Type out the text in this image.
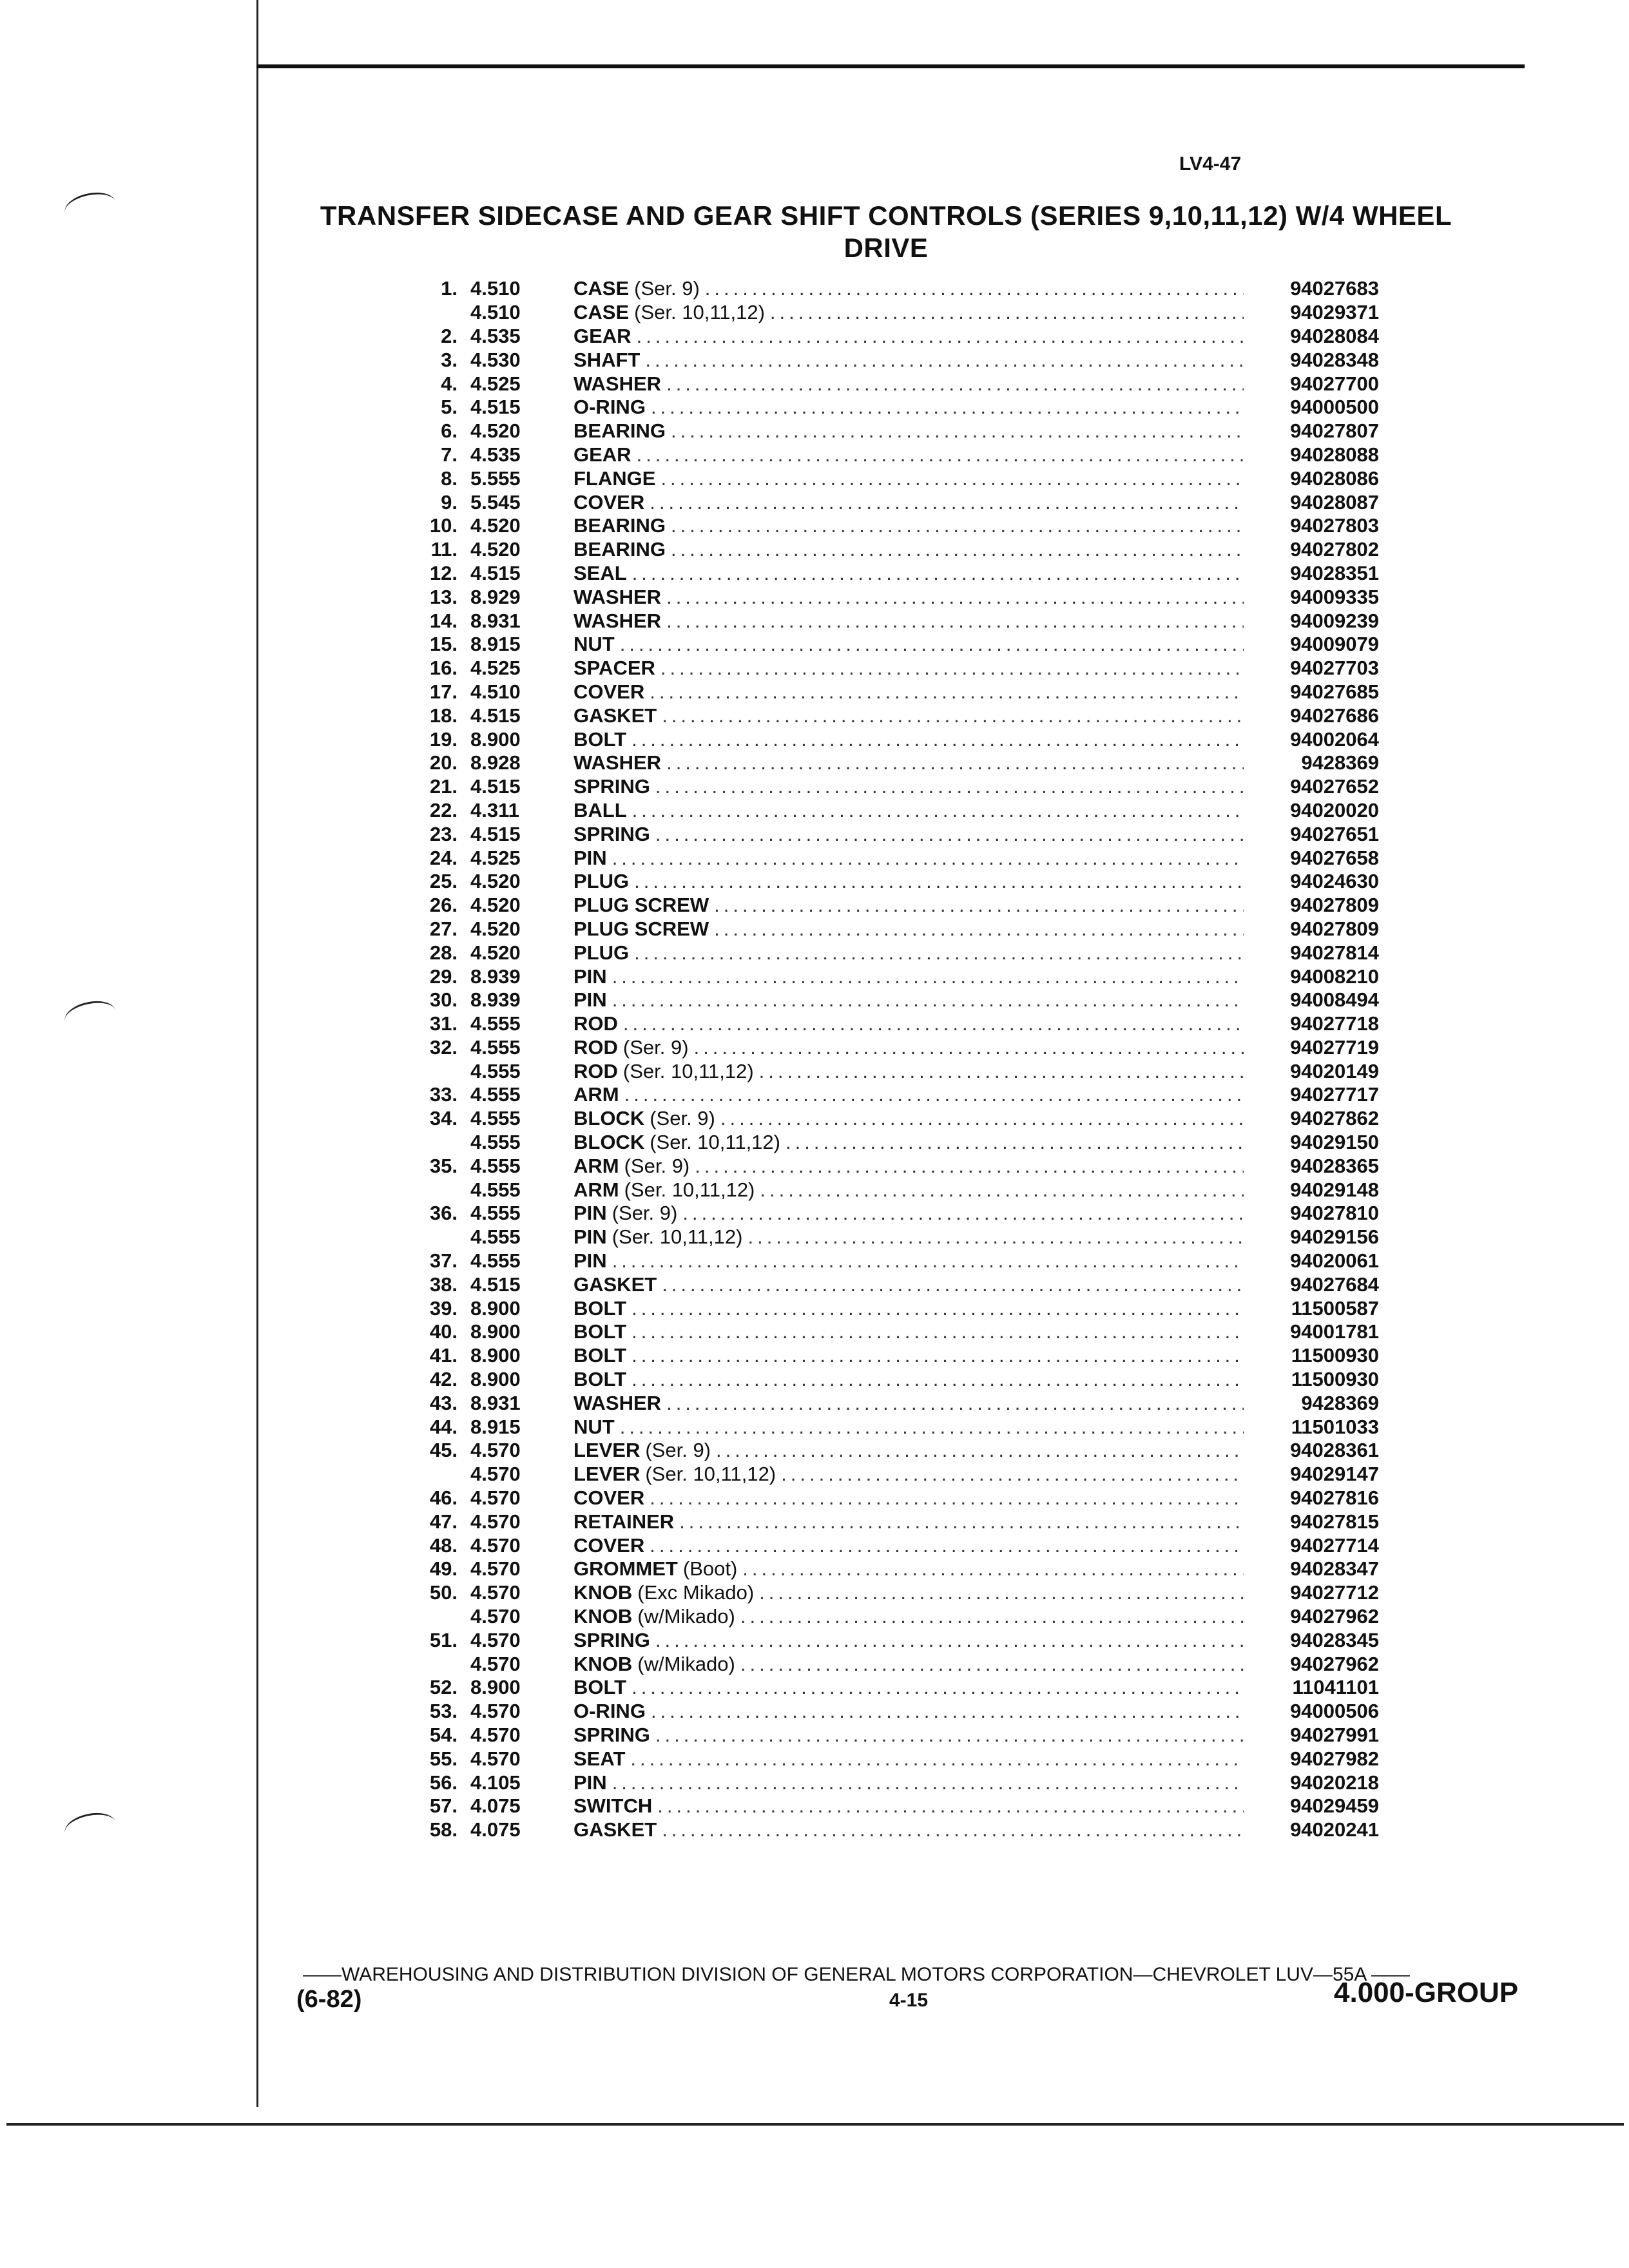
LV4-47
TRANSFER SIDECASE AND GEAR SHIFT CONTROLS (SERIES 9,10,11,12) W/4 WHEEL
DRIVE
1. 4.510	CASE (Ser. 9) .....	94027683
4.510	CASE (Ser. 10,11,12) .....	94029371
2. 4.535	GEAR .....	94028084
3. 4.530	SHAFT .....	94028348
4. 4.525	WASHER .....	94027700
5. 4.515	O-RING .....	94000500
6. 4.520	BEARING .....	94027807
7. 4.535	GEAR .....	94028088
8. 5.555	FLANGE .....	94028086
9. 5.545	COVER .....	94028087
10. 4.520	BEARING .....	94027803
11. 4.520	BEARING .....	94027802
12. 4.515	SEAL .....	94028351
13. 8.929	WASHER .....	94009335
14. 8.931	WASHER .....	94009239
15. 8.915	NUT .....	94009079
16. 4.525	SPACER .....	94027703
17. 4.510	COVER .....	94027685
18. 4.515	GASKET .....	94027686
19. 8.900	BOLT .....	94002064
20. 8.928	WASHER .....	9428369
21. 4.515	SPRING .....	94027652
22. 4.311	BALL .....	94020020
23. 4.515	SPRING .....	94027651
24. 4.525	PIN .....	94027658
25. 4.520	PLUG .....	94024630
26. 4.520	PLUG SCREW .....	94027809
27. 4.520	PLUG SCREW .....	94027809
28. 4.520	PLUG .....	94027814
29. 8.939	PIN .....	94008210
30. 8.939	PIN .....	94008494
31. 4.555	ROD .....	94027718
32. 4.555	ROD (Ser. 9) .....	94027719
4.555	ROD (Ser. 10,11,12) .....	94020149
33. 4.555	ARM .....	94027717
34. 4.555	BLOCK (Ser. 9) .....	94027862
4.555	BLOCK (Ser. 10,11,12) .....	94029150
35. 4.555	ARM (Ser. 9) .....	94028365
4.555	ARM (Ser. 10,11,12) .....	94029148
36. 4.555	PIN (Ser. 9) .....	94027810
4.555	PIN (Ser. 10,11,12) .....	94029156
37. 4.555	PIN .....	94020061
38. 4.515	GASKET .....	94027684
39. 8.900	BOLT .....	11500587
40. 8.900	BOLT .....	94001781
41. 8.900	BOLT .....	11500930
42. 8.900	BOLT .....	11500930
43. 8.931	WASHER .....	9428369
44. 8.915	NUT .....	11501033
45. 4.570	LEVER (Ser. 9) .....	94028361
4.570	LEVER (Ser. 10,11,12) .....	94029147
46. 4.570	COVER .....	94027816
47. 4.570	RETAINER .....	94027815
48. 4.570	COVER .....	94027714
49. 4.570	GROMMET (Boot) .....	94028347
50. 4.570	KNOB (Exc Mikado) .....	94027712
4.570	KNOB (w/Mikado) .....	94027962
51. 4.570	SPRING .....	94028345
4.570	KNOB (w/Mikado) .....	94027962
52. 8.900	BOLT .....	11041101
53. 4.570	O-RING .....	94000506
54. 4.570	SPRING .....	94027991
55. 4.570	SEAT .....	94027982
56. 4.105	PIN .....	94020218
57. 4.075	SWITCH .....	94029459
58. 4.075	GASKET .....	94020241
——WAREHOUSING AND DISTRIBUTION DIVISION OF GENERAL MOTORS CORPORATION—CHEVROLET LUV—55A ——
(6-82)	4-15	4.000-GROUP
